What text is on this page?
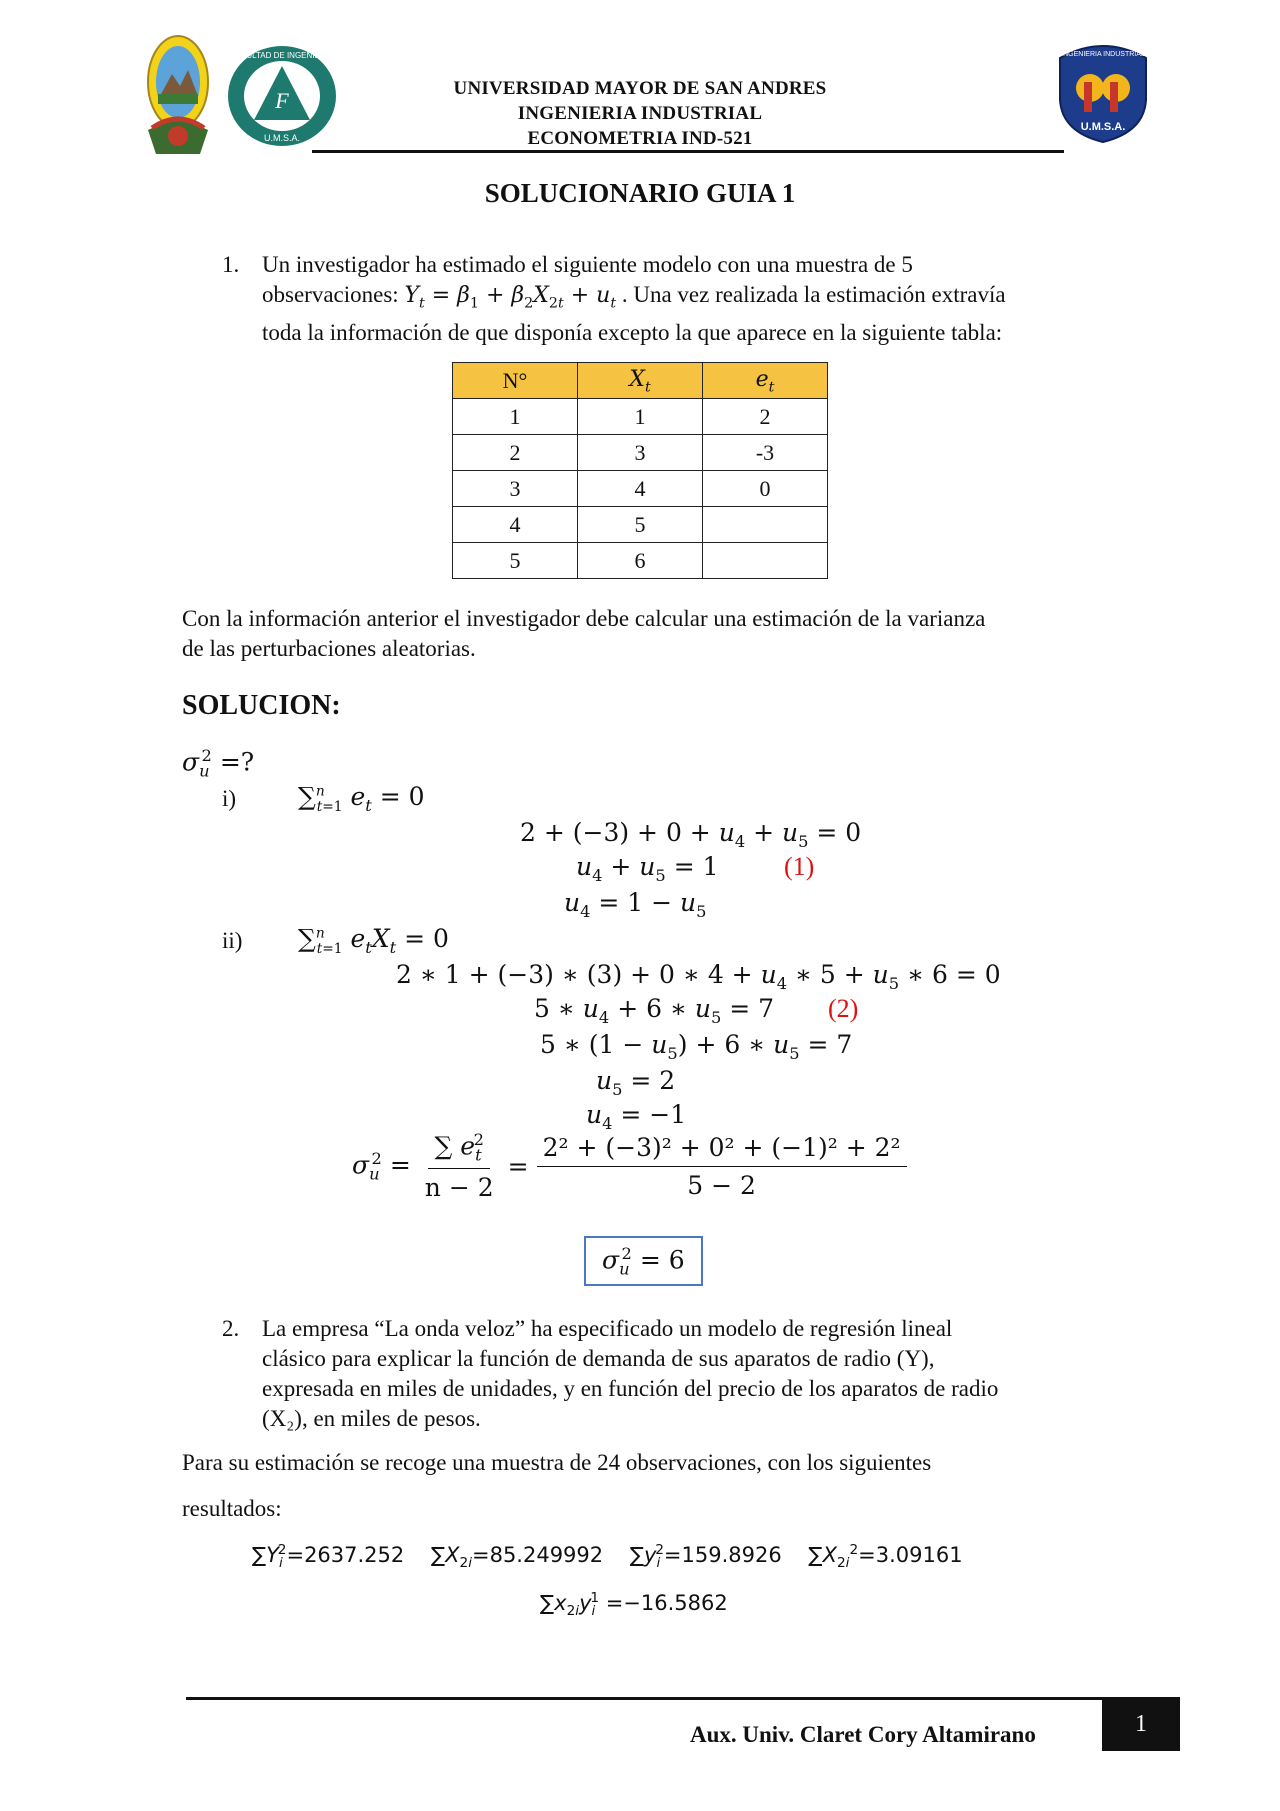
F
U.M.S.A.
FACULTAD DE INGENIERIA
U.M.S.A.
INGENIERIA INDUSTRIAL
UNIVERSIDAD MAYOR DE SAN ANDRES
INGENIERIA INDUSTRIAL
ECONOMETRIA IND-521
SOLUCIONARIO GUIA 1
1. Un investigador ha estimado el siguiente modelo con una muestra de 5
observaciones: $Y_t = \beta_1 + \beta_2X_{2t} + u_t$ . Una vez realizada la estimación extravía
toda la información de que disponía excepto la que aparece en la siguiente tabla:
N°	$X_t$	$e_t$
1	1	2
2	3	-3
3	4	0
4	5	
5	6	
Con la información anterior el investigador debe calcular una estimación de la varianza
de las perturbaciones aleatorias.
SOLUCION:
$\sigma_u^2$ =?
i) ∑$^n_{t=1}$ $e_t = 0$
$2 + (-3) + 0 + u_4 + u_5 = 0$
$u_4 + u_5 = 1$	(1)
$u_4 = 1 - u_5$
ii) ∑$^n_{t=1}$ $e_tX_t = 0$
2 ∗ 1 + (−3) ∗ (3) + 0 ∗ $4 + u_4$ ∗ $5 + u_5$ ∗ 6 = 0
5 ∗ $u_4 + 6$ ∗ $u_5 = 7$ (2)
5 ∗ $(1 - u_5) + 6$ ∗ $u_5 = 7$
$u_5 = 2$
$u_4 = -1$
$\sigma_u^2 = \frac{\sum e_t^2}{n - 2} = \frac{\text{2² + (−3)² + 0² + (−1)² + 2²}}{5 - 2}$
$\sigma_u^2 = 6$
2. La empresa “La onda veloz” ha especificado un modelo de regresión lineal
clásico para explicar la función de demanda de sus aparatos de radio (Y),
expresada en miles de unidades, y en función del precio de los aparatos de radio
(X₂), en miles de pesos.
Para su estimación se recoge una muestra de 24 observaciones, con los siguientes
resultados:
$\sum Y_i^2=2637.252$ $\sum X_{2i}=85.249992$ $\sum y_i^2=159.8926$ $\sum X_{2i}^2=3.09161$
$\sum x_{2i}y_i^1 =-16.5862$
Aux. Univ. Claret Cory Altamirano	1
